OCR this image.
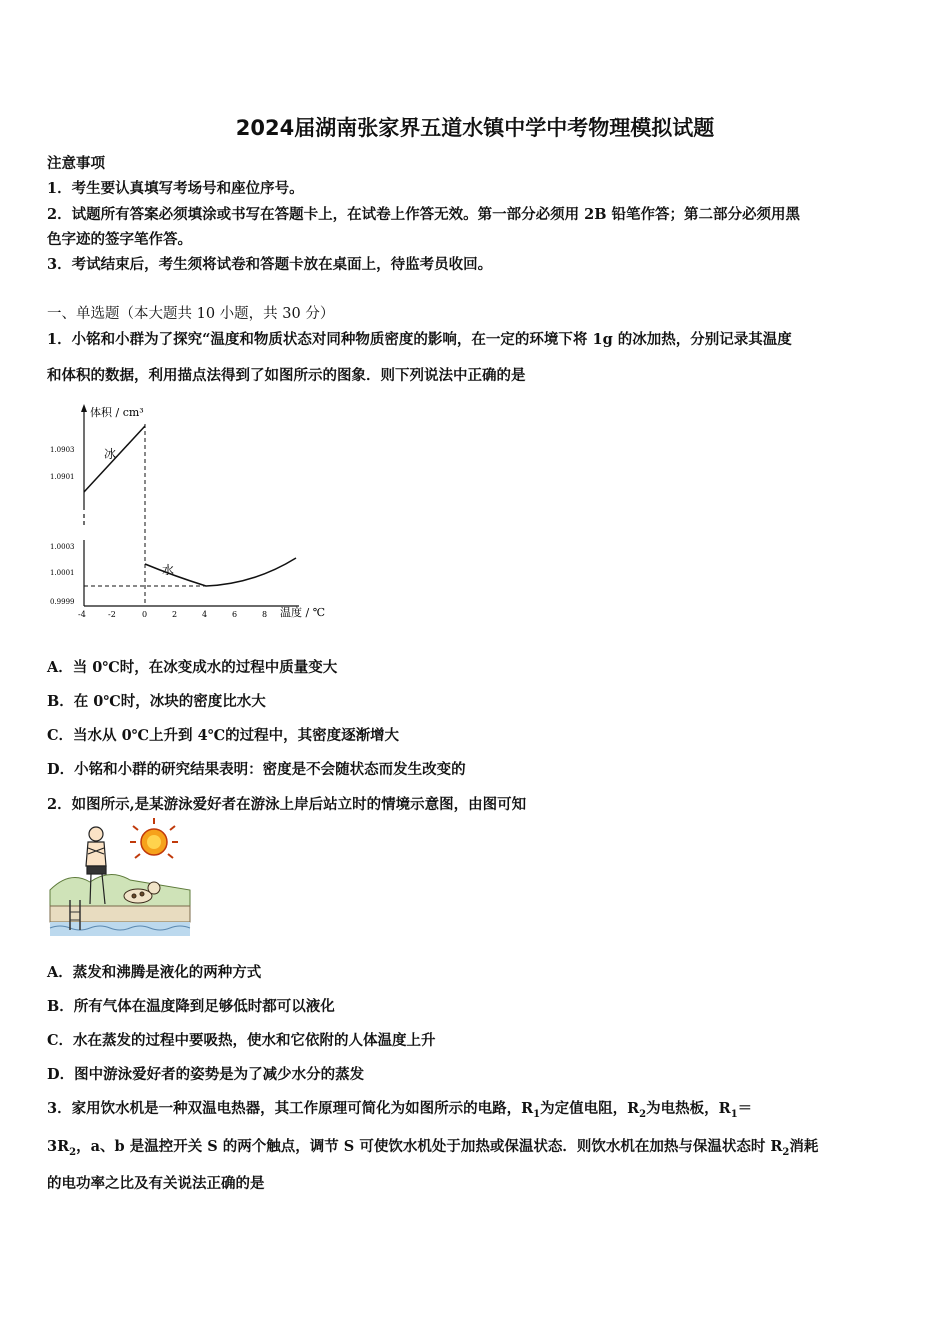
2024届湖南张家界五道水镇中学中考物理模拟试题
注意事项
1．考生要认真填写考场号和座位序号。
2．试题所有答案必须填涂或书写在答题卡上，在试卷上作答无效。第一部分必须用 2B 铅笔作答；第二部分必须用黑
色字迹的签字笔作答。
3．考试结束后，考生须将试卷和答题卡放在桌面上，待监考员收回。
一、单选题（本大题共 10 小题，共 30 分）
1．小铭和小群为了探究“温度和物质状态对同种物质密度的影响，在一定的环境下将 1g 的冰加热，分别记录其温度
和体积的数据，利用描点法得到了如图所示的图象．则下列说法中正确的是
体积 / cm³
温度 / ℃
1.0903
1.0901
1.0003
1.0001
0.9999
-4	-2	0	2	4	6	8
冰
水
A．当 0℃时，在冰变成水的过程中质量变大
B．在 0℃时，冰块的密度比水大
C．当水从 0℃上升到 4℃的过程中，其密度逐渐增大
D．小铭和小群的研究结果表明：密度是不会随状态而发生改变的
2．如图所示,是某游泳爱好者在游泳上岸后站立时的情境示意图，由图可知
A．蒸发和沸腾是液化的两种方式
B．所有气体在温度降到足够低时都可以液化
C．水在蒸发的过程中要吸热，使水和它依附的人体温度上升
D．图中游泳爱好者的姿势是为了减少水分的蒸发
3．家用饮水机是一种双温电热器，其工作原理可简化为如图所示的电路，$R_1$为定值电阻，$R_2$为电热板，$R_1=$
$3R_2$，a、b 是温控开关 S 的两个触点，调节 S 可使饮水机处于加热或保温状态．则饮水机在加热与保温状态时 $R_2$消耗
的电功率之比及有关说法正确的是
